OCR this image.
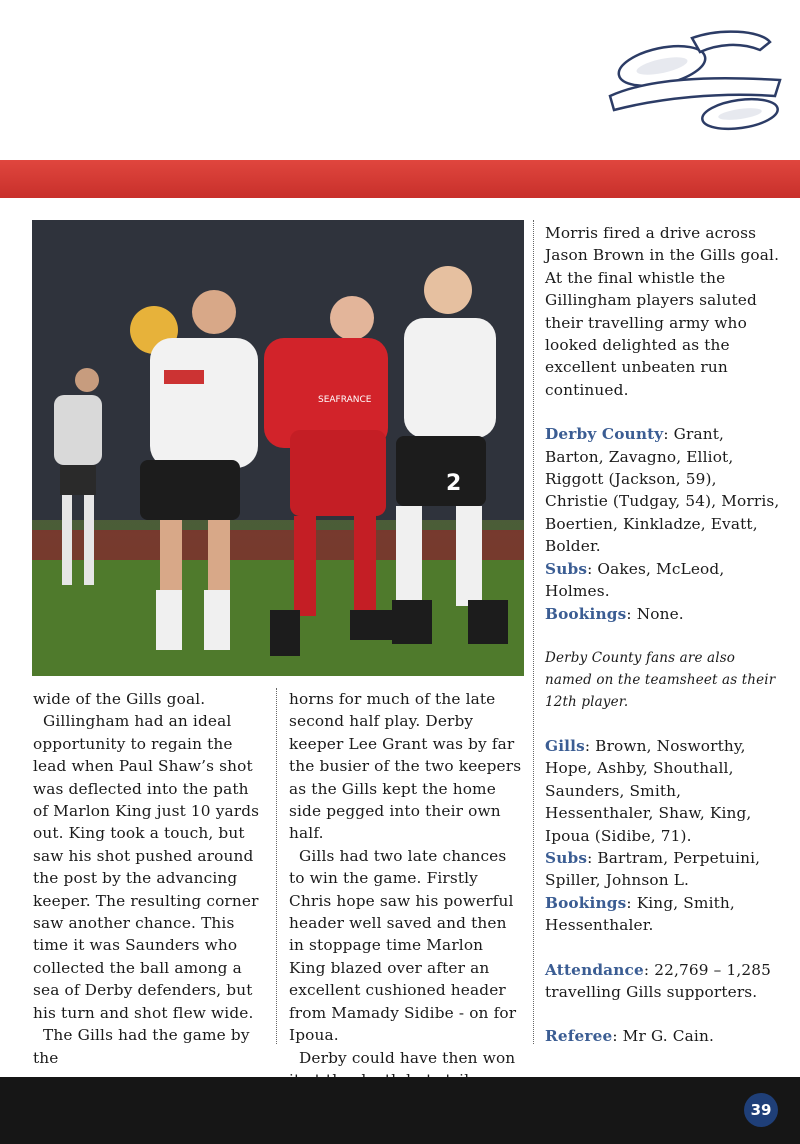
SEAFRANCE
2

wide of the Gills goal.

Gillingham had an ideal opportunity to regain the lead when Paul Shaw’s shot was deflected into the path of Marlon King just 10 yards out. King took a touch, but saw his shot pushed around the post by the advancing keeper. The resulting corner saw another chance. This time it was Saunders who collected the ball among a sea of Derby defenders, but his turn and shot flew wide.

The Gills had the game by the

horns for much of the late second half play. Derby keeper Lee Grant was by far the busier of the two keepers as the Gills kept the home side pegged into their own half.

Gills had two late chances to win the game. Firstly Chris hope saw his powerful header well saved and then in stoppage time Marlon King blazed over after an excellent cushioned header from Mamady Sidibe - on for Ipoua.

Derby could have then won

Morris fired a drive across Jason Brown in the Gills goal. At the final whistle the Gillingham players saluted their travelling army who looked delighted as the excellent unbeaten run continued.

Derby County: Grant, Barton, Zavagno, Elliot, Riggott (Jackson, 59), Christie (Tudgay, 54), Morris, Boertien, Kinkladze, Evatt, Bolder.

Subs: Oakes, McLeod, Holmes.

Bookings: None.

Derby County fans are also named on the teamsheet as their 12th player.

Gills: Brown, Nosworthy, Hope, Ashby, Shouthall, Saunders, Smith, Hessenthaler, Shaw, King, Ipoua (Sidibe, 71).

Subs: Bartram, Perpetuini, Spiller, Johnson L.

Bookings: King, Smith, Hessenthaler.

Attendance: 22,769 – 1,285 travelling Gills supporters.

Referee: Mr G. Cain.

39
